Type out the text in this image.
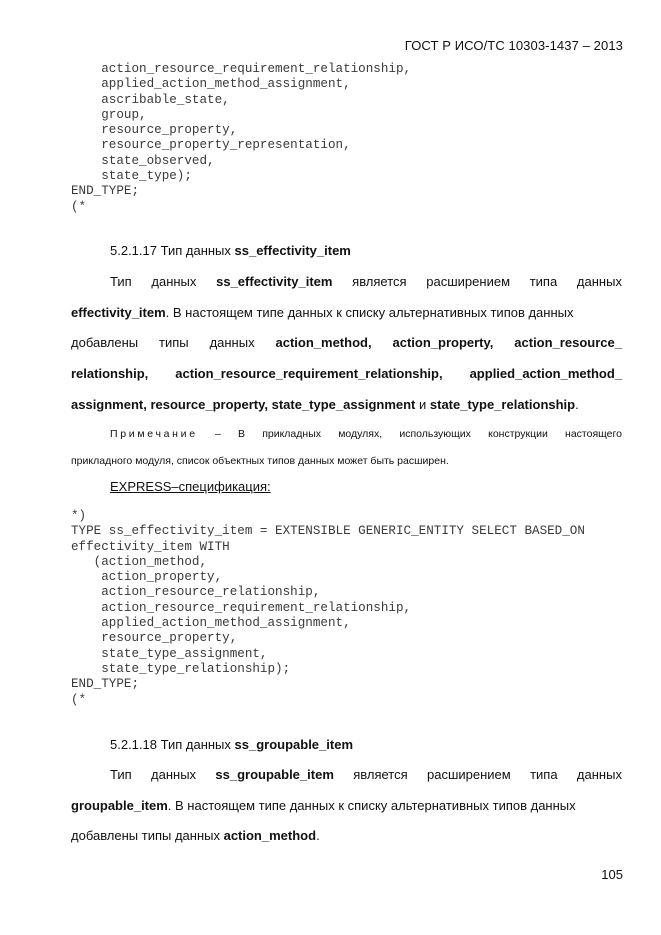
ГОСТ Р ИСО/ТС 10303-1437 – 2013
action_resource_requirement_relationship,
applied_action_method_assignment,
ascribable_state,
group,
resource_property,
resource_property_representation,
state_observed,
state_type);
END_TYPE;
(*
5.2.1.17 Тип данных ss_effectivity_item
Тип данных ss_effectivity_item является расширением типа данных
effectivity_item. В настоящем типе данных к списку альтернативных типов данных
добавлены типы данных action_method, action_property, action_resource_
relationship, action_resource_requirement_relationship, applied_action_method_
assignment, resource_property, state_type_assignment и state_type_relationship.
Примечание – В прикладных модулях, использующих конструкции настоящего
прикладного модуля, список объектных типов данных может быть расширен.
EXPRESS–спецификация:
*)
TYPE ss_effectivity_item = EXTENSIBLE GENERIC_ENTITY SELECT BASED_ON
effectivity_item WITH
(action_method,
action_property,
action_resource_relationship,
action_resource_requirement_relationship,
applied_action_method_assignment,
resource_property,
state_type_assignment,
state_type_relationship);
END_TYPE;
(*
5.2.1.18 Тип данных ss_groupable_item
Тип данных ss_groupable_item является расширением типа данных
groupable_item. В настоящем типе данных к списку альтернативных типов данных
добавлены типы данных action_method.
105
